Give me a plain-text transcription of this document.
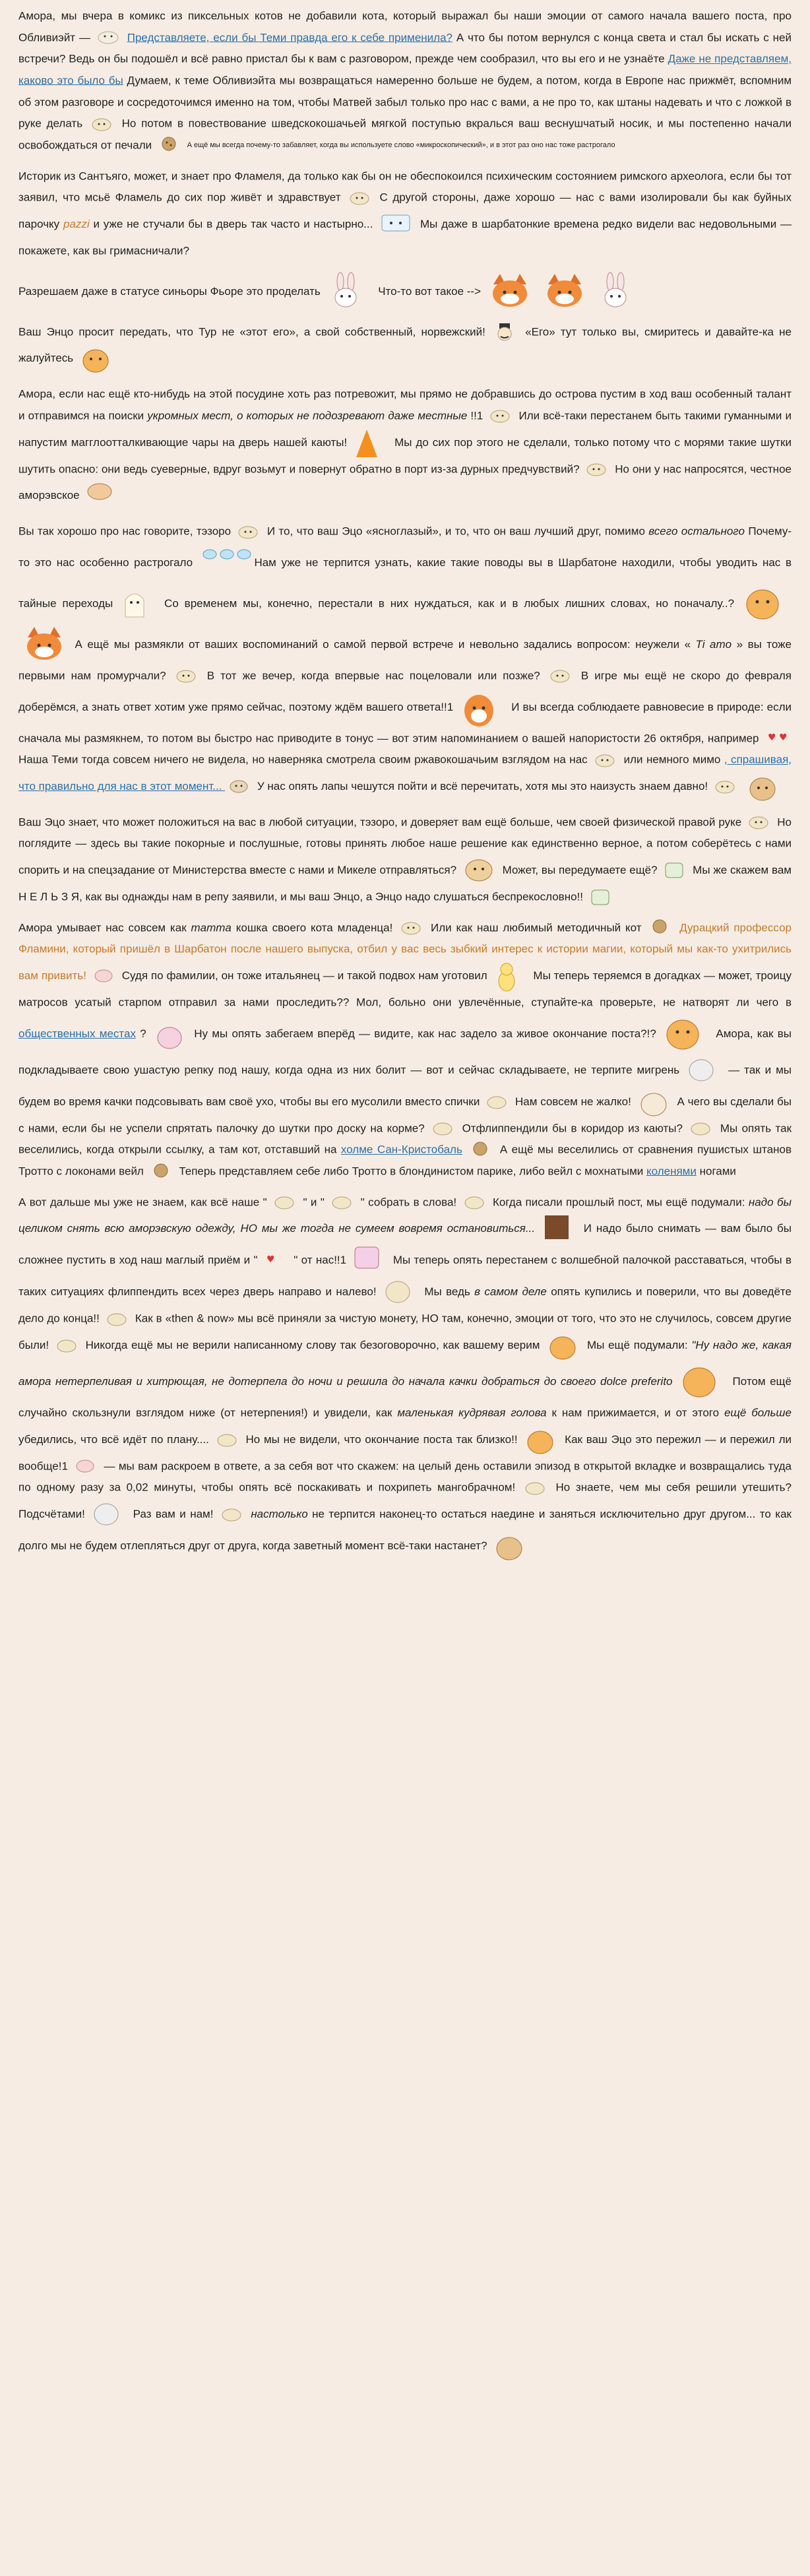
Амора, мы вчера в комикс из пиксельных котов не добавили кота, который выражал бы наши эмоции от самого начала вашего поста, про Обливиэйт —	Представляете, если бы Теми правда его к себе применила? А что бы потом вернулся с конца света и стал бы искать с ней встречи? Ведь он бы подошёл и всё равно пристал бы к вам с разговором, прежде чем сообразил, что вы его и не узнаёте Даже не представляем, каково это было бы Думаем, к теме Обливиэйта мы возвращаться намеренно больше не будем, а потом, когда в Европе нас прижмёт, вспомним об этом разговоре и сосредоточимся именно на том, чтобы Матвей забыл только про нас с вами, а не про то, как штаны надевать и что с ложкой в руке делать	Но потом в повествование шведскокошачьей мягкой поступью вкралься ваш веснушчатый носик, и мы постепенно начали освобождаться от печали	А ещё мы всегда почему-то забавляет, когда вы используете слово «микроскопический», и в этот раз оно нас тоже растрогало
Историк из Сантъяго, может, и знает про Фламеля, да только как бы он не обеспокоился психическим состоянием римского археолога, если бы тот заявил, что мсьё Фламель до сих пор живёт и здравствует	С другой стороны, даже хорошо — нас с вами изолировали бы как буйных парочку pazzi и уже не стучали бы в дверь так часто и настырно...	Мы даже в шарбатонкие времена редко видели вас недовольными — покажете, как вы гримасничали?
Разрешаем даже в статусе синьоры Фьоре это проделать	Что-то вот такое -->

Ваш Энцо просит передать, что Тур не «этот его», а свой собственный, норвежский!	«Его» тут только вы, смиритесь и давайте-ка не жалуйтесь
Амора, если нас ещё кто-нибудь на этой посудине хоть раз потревожит, мы прямо не добравшись до острова пустим в ход ваш особенный талант и отправимся на поиски укромных мест, о которых не подозревают даже местные !!1	Или всё-таки перестанем быть такими гуманными и напустим магглоотталкивающие чары на дверь нашей каюты!	Мы до сих пор этого не сделали, только потому что с морями такие шутки шутить опасно: они ведь суеверные, вдруг возьмут и повернут обратно в порт из-за дурных предчувствий?	Но они у нас напросятся, честное аморэвское
Вы так хорошо про нас говорите, тэзоро	И то, что ваш Эцо «ясноглазый», и то, что он ваш лучший друг, помимо всего остального Почему-то это нас особенно растрогало	Нам уже не терпится узнать, какие такие поводы вы в Шарбатоне находили, чтобы уводить нас в тайные переходы	Со временем мы, конечно, перестали в них нуждаться, как и в любых лишних словах, но поначалу..?

А ещё мы размякли от ваших воспоминаний о самой первой встрече и невольно задались вопросом: неужели « Ti amo » вы тоже первыми нам промурчали?	В тот же вечер, когда впервые нас поцеловали или позже?	В игре мы ещё не скоро до февраля доберёмся, а знать ответ хотим уже прямо сейчас, поэтому ждём вашего ответа!!1	И вы всегда соблюдаете равновесие в природе: если сначала мы размякнем, то потом вы быстро нас приводите в тонус — вот этим напоминанием о вашей напористости 26 октября, например ♥ ♥
Наша Теми тогда совсем ничего не видела, но наверняка смотрела своим ржавокошачьим взглядом на нас	или немного мимо , спрашивая, что правильно для нас в этот момент...	У нас опять лапы чешутся пойти и всё перечитать, хотя мы это наизусть знаем давно!

Ваш Эцо знает, что может положиться на вас в любой ситуации, тэзоро, и доверяет вам ещё больше, чем своей физической правой руке	Но поглядите — здесь вы такие покорные и послушные, готовы принять любое наше решение как единственно верное, а потом соберётесь с нами спорить и на спецзадание от Министерства вместе с нами и Микеле отправляться?	Может, вы передумаете ещё?	Мы же скажем вам Н Е Л Ь З Я, как вы однажды нам в репу заявили, и мы ваш Энцо, а Энцо надо слушаться беспрекословно!!
Амора умывает нас совсем как mamma кошка своего кота младенца!	Или как наш любимый методичный кот	Дурацкий профессор Фламини, который пришёл в Шарбатон после нашего выпуска, отбил у вас весь зыбкий интерес к истории магии, который мы как-то ухитрились вам привить!	Судя по фамилии, он тоже итальянец — и такой подвох нам уготовил	Мы теперь теряемся в догадках — может, троицу матросов усатый старпом отправил за нами проследить?? Мол, больно они увлечённые, ступайте-ка проверьте, не натворят ли чего в общественных местах ?	Ну мы опять забегаем вперёд — видите, как нас задело за живое окончание поста?!?	Амора, как вы подкладываете свою ушастую репку под нашу, когда одна из них болит — вот и сейчас складываете, не терпите мигрень	— так и мы будем во время качки подсовывать вам своё ухо, чтобы вы его мусолили вместо спички	Нам совсем не жалко!	А чего вы сделали бы с нами, если бы не успели спрятать палочку до шутки про доску на корме?	Отфлиппендили бы в коридор из каюты?	Мы опять так веселились, когда открыли ссылку, а там кот, отставший на холме Сан-Кристобаль	А ещё мы веселились от сравнения пушистых штанов Тротто с локонами вейл	Теперь представляем себе либо Тротто в блондинистом парике, либо вейл с мохнатыми коленями ногами
А вот дальше мы уже не знаем, как всё наше "	" и "	" собрать в слова!	Когда писали прошлый пост, мы ещё подумали: надо бы целиком снять всю аморэвскую одежду, НО мы же тогда не сумеем вовремя остановиться...	И надо было снимать — вам было бы сложнее пустить в ход наш маглый приём и " ♥ " от нас!!1	Мы теперь опять перестанем с волшебной палочкой расставаться, чтобы в таких ситуациях флиппендить всех через дверь направо и налево!	Мы ведь в самом деле опять купились и поверили, что вы доведёте дело до конца!!	Как в «then & now» мы всё приняли за чистую монету, НО там, конечно, эмоции от того, что это не случилось, совсем другие были!	Никогда ещё мы не верили написанному слову так безоговорочно, как вашему верим	Мы ещё подумали: "Ну надо же, какая амора нетерпеливая и хитрющая, не дотерпела до ночи и решила до начала качки добраться до своего dolce preferito	Потом ещё случайно скользнули взглядом ниже (от нетерпения!) и увидели, как маленькая кудрявая голова к нам прижимается, и от этого ещё больше убедились, что всё идёт по плану....	Но мы не видели, что окончание поста так близко!!	Как ваш Эцо это пережил — и пережил ли вообще!1	— мы вам раскроем в ответе, а за себя вот что скажем: на целый день оставили эпизод в открытой вкладке и возвращались туда по одному разу за 0,02 минуты, чтобы опять всё поскакивать и похрипеть мангобрачном!	Но знаете, чем мы себя решили утешить? Подсчётами!	Раз вам и нам!	настолько не терпится наконец-то остаться наедине и заняться исключительно друг другом... то как долго мы не будем отлепляться друг от друга, когда заветный момент всё-таки настанет?
